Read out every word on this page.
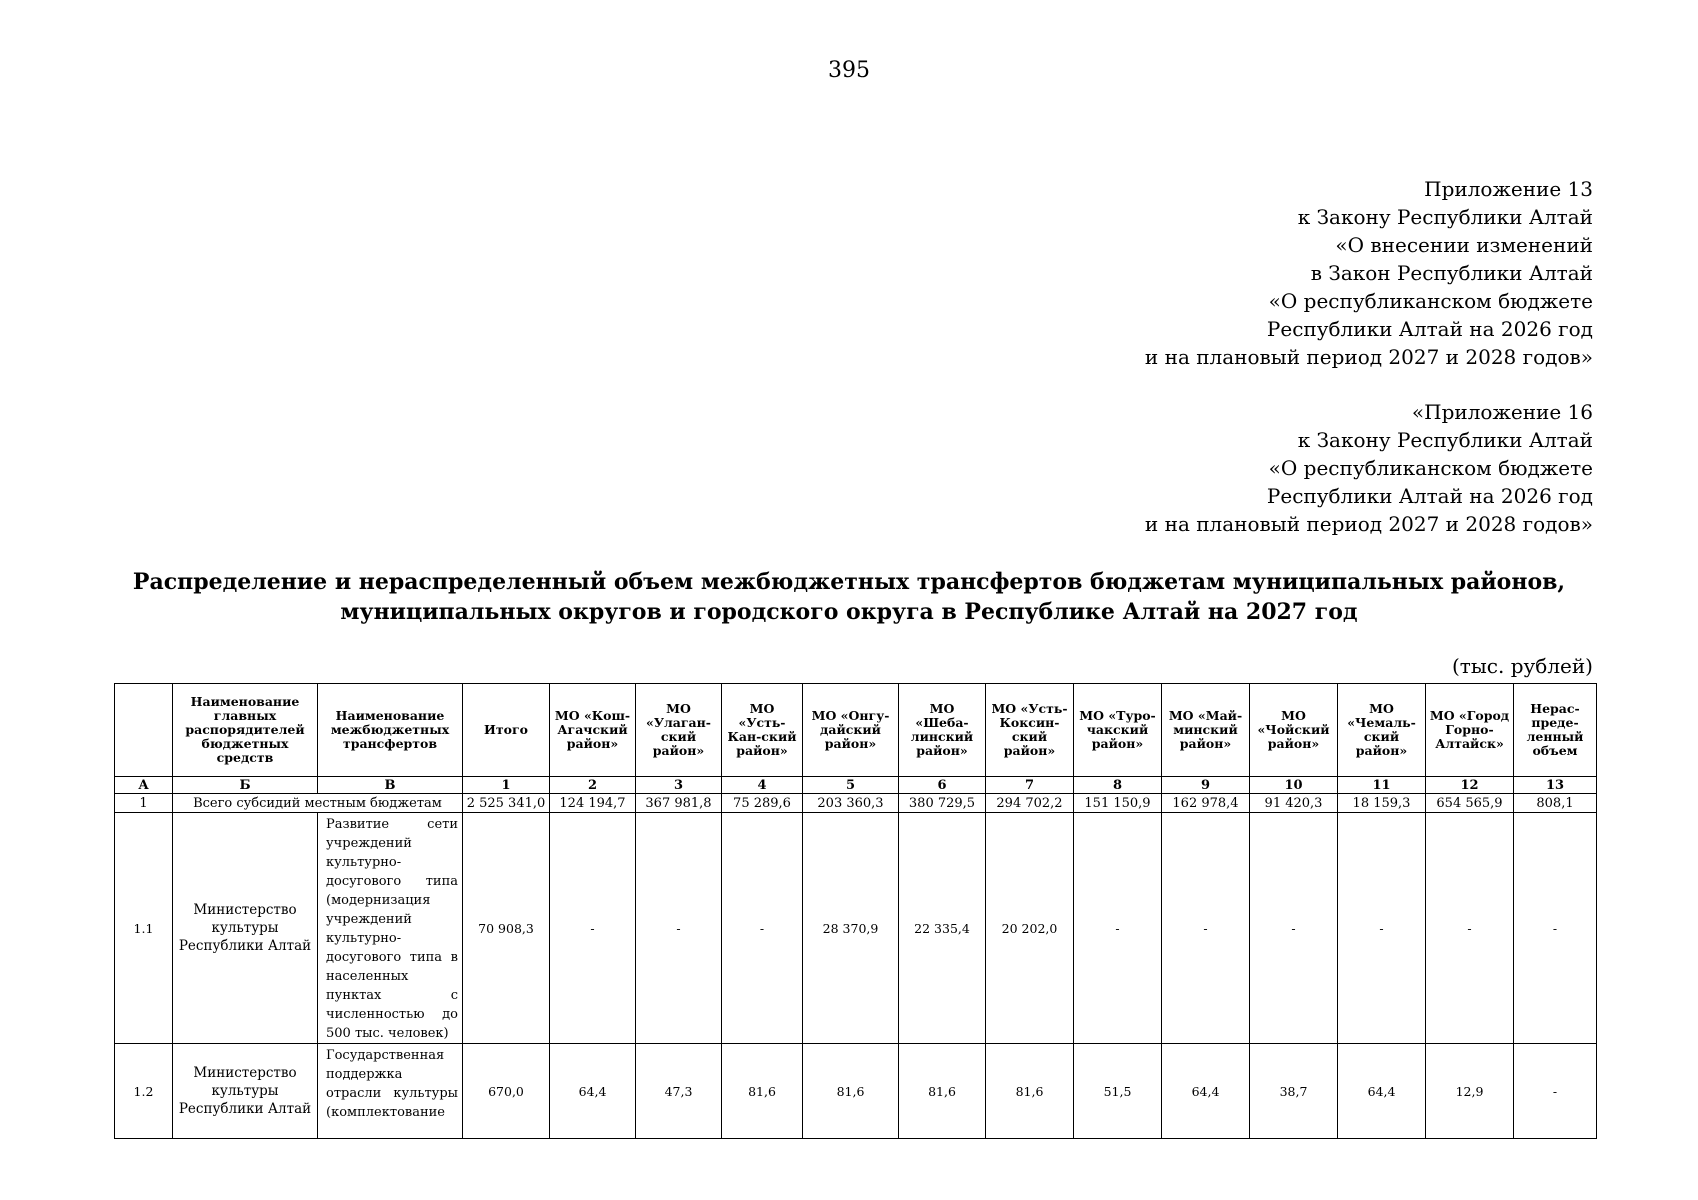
395
Приложение 13
к Закону Республики Алтай
«О внесении изменений
в Закон Республики Алтай
«О республиканском бюджете
Республики Алтай на 2026 год
и на плановый период 2027 и 2028 годов»
«Приложение 16
к Закону Республики Алтай
«О республиканском бюджете
Республики Алтай на 2026 год
и на плановый период 2027 и 2028 годов»
Распределение и нераспределенный объем межбюджетных трансфертов бюджетам муниципальных районов,
муниципальных округов и городского округа в Республике Алтай на 2027 год
(тыс. рублей)
	Наименование главных распорядителей бюджетных средств	Наименование межбюджетных трансфертов	Итого	МО «Кош-Агачский район»	МО «Улаган-ский район»	МО «Усть-Кан-ский район»	МО «Онгу-дайский район»	МО «Шеба-линский район»	МО «Усть-Коксин-ский район»	МО «Туро-чакский район»	МО «Май-минский район»	МО «Чойский район»	МО «Чемаль-ский район»	МО «Город Горно-Алтайск»	Нерас-преде-ленный объем
А	Б	В	1	2	3	4	5	6	7	8	9	10	11	12	13
1	Всего субсидий местным бюджетам		2 525 341,0	124 194,7	367 981,8	75 289,6	203 360,3	380 729,5	294 702,2	151 150,9	162 978,4	91 420,3	18 159,3	654 565,9	808,1
1.1	Министерство культуры Республики Алтай	Развитие сети учреждений культурно-досугового типа (модернизация учреждений культурно-досугового типа в населенных пунктах с численностью до 500 тыс. человек)	70 908,3	-	-	-	28 370,9	22 335,4	20 202,0	-	-	-	-	-	-
1.2	Министерство культуры Республики Алтай	Государственная поддержка отрасли культуры (комплектование	670,0	64,4	47,3	81,6	81,6	81,6	81,6	51,5	64,4	38,7	64,4	12,9	-
